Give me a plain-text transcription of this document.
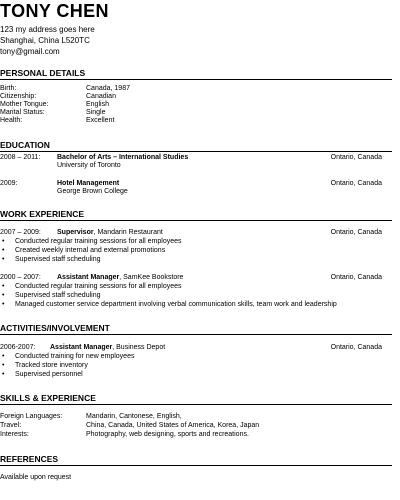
TONY CHEN
123 my address goes here
Shanghai, China L520TC
tony@gmail.com
PERSONAL DETAILS
Birth:	Canada, 1987
Citizenship:	Canadian
Mother Tongue:	English
Marital Status:	Single
Health:	Excellent
EDUCATION
2008 – 2011: Bachelor of Arts – International Studies	Ontario, Canada
University of Toronto
2009:	Hotel Management	Ontario, Canada
George Brown College
WORK EXPERIENCE
2007 – 2009: Supervisor, Mandarin Restaurant	Ontario, Canada
• Conducted regular training sessions for all employees
• Created weekly internal and external promotions
• Supervised staff scheduling
2000 – 2007: Assistant Manager, SamKee Bookstore	Ontario, Canada
• Conducted regular training sessions for all employees
• Supervised staff scheduling
• Managed customer service department involving verbal communication skills, team work and leadership
ACTIVITIES/INVOLVEMENT
2006-2007: Assistant Manager, Business Depot	Ontario, Canada
• Conducted training for new employees
• Tracked store inventory
• Supervised personnel
SKILLS & EXPERIENCE
Foreign Languages:	Mandarin, Cantonese, English,
Travel:	China, Canada, United States of America, Korea, Japan
Interests:	Photography, web designing, sports and recreations.
REFERENCES
Available upon request
